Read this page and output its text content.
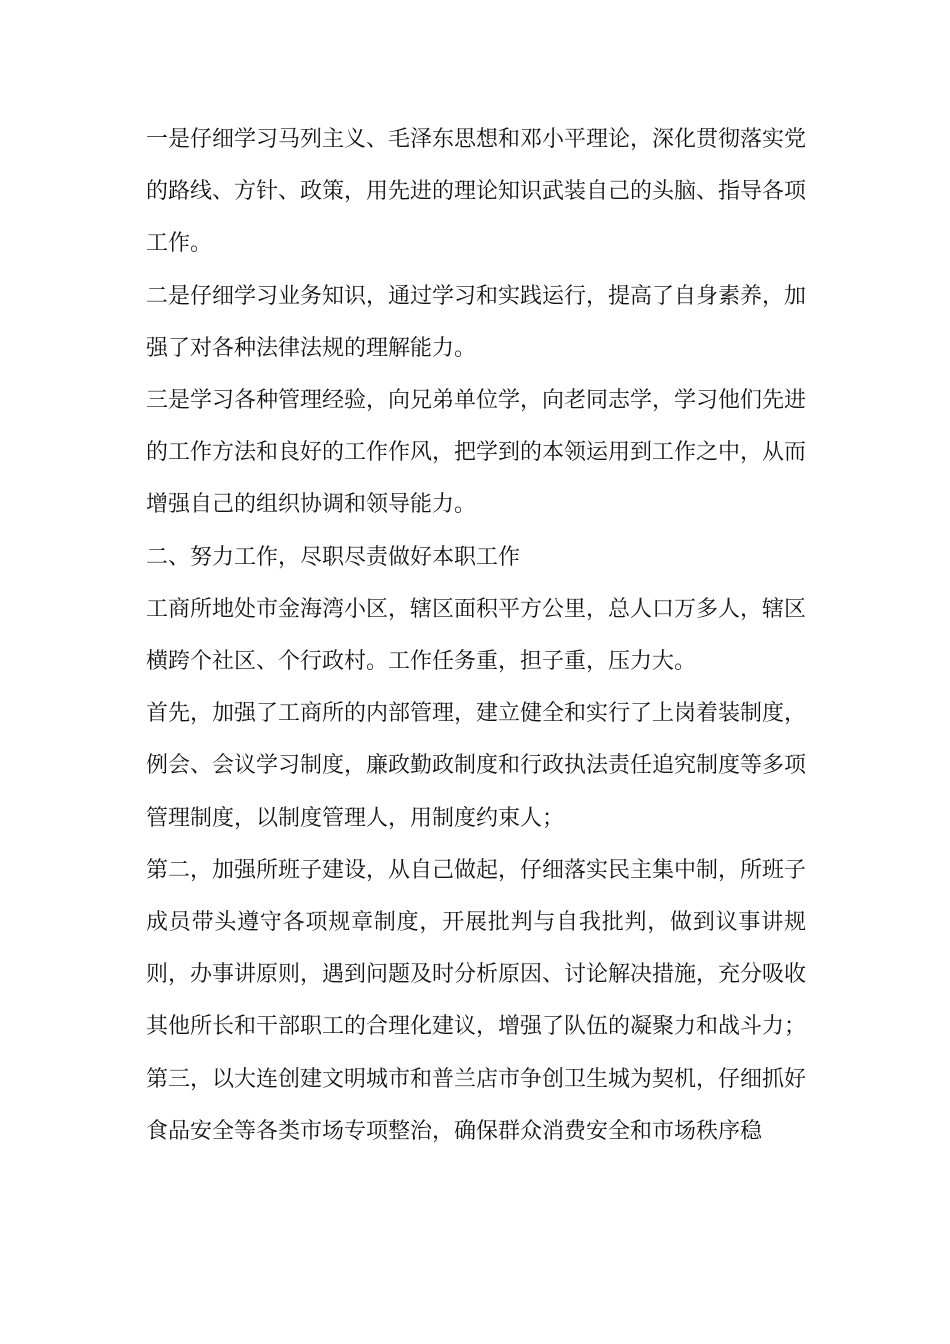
一是仔细学习马列主义、毛泽东思想和邓小平理论，深化贯彻落实党的路线、方针、政策，用先进的理论知识武装自己的头脑、指导各项工作。

二是仔细学习业务知识，通过学习和实践运行，提高了自身素养，加强了对各种法律法规的理解能力。

三是学习各种管理经验，向兄弟单位学，向老同志学，学习他们先进的工作方法和良好的工作作风，把学到的本领运用到工作之中，从而增强自己的组织协调和领导能力。

二、努力工作，尽职尽责做好本职工作

工商所地处市金海湾小区，辖区面积平方公里，总人口万多人，辖区横跨个社区、个行政村。工作任务重，担子重，压力大。

首先，加强了工商所的内部管理，建立健全和实行了上岗着装制度，例会、会议学习制度，廉政勤政制度和行政执法责任追究制度等多项管理制度，以制度管理人，用制度约束人；

第二，加强所班子建设，从自己做起，仔细落实民主集中制，所班子成员带头遵守各项规章制度，开展批判与自我批判，做到议事讲规则，办事讲原则，遇到问题及时分析原因、讨论解决措施，充分吸收其他所长和干部职工的合理化建议，增强了队伍的凝聚力和战斗力；

第三，以大连创建文明城市和普兰店市争创卫生城为契机，仔细抓好食品安全等各类市场专项整治，确保群众消费安全和市场秩序稳
